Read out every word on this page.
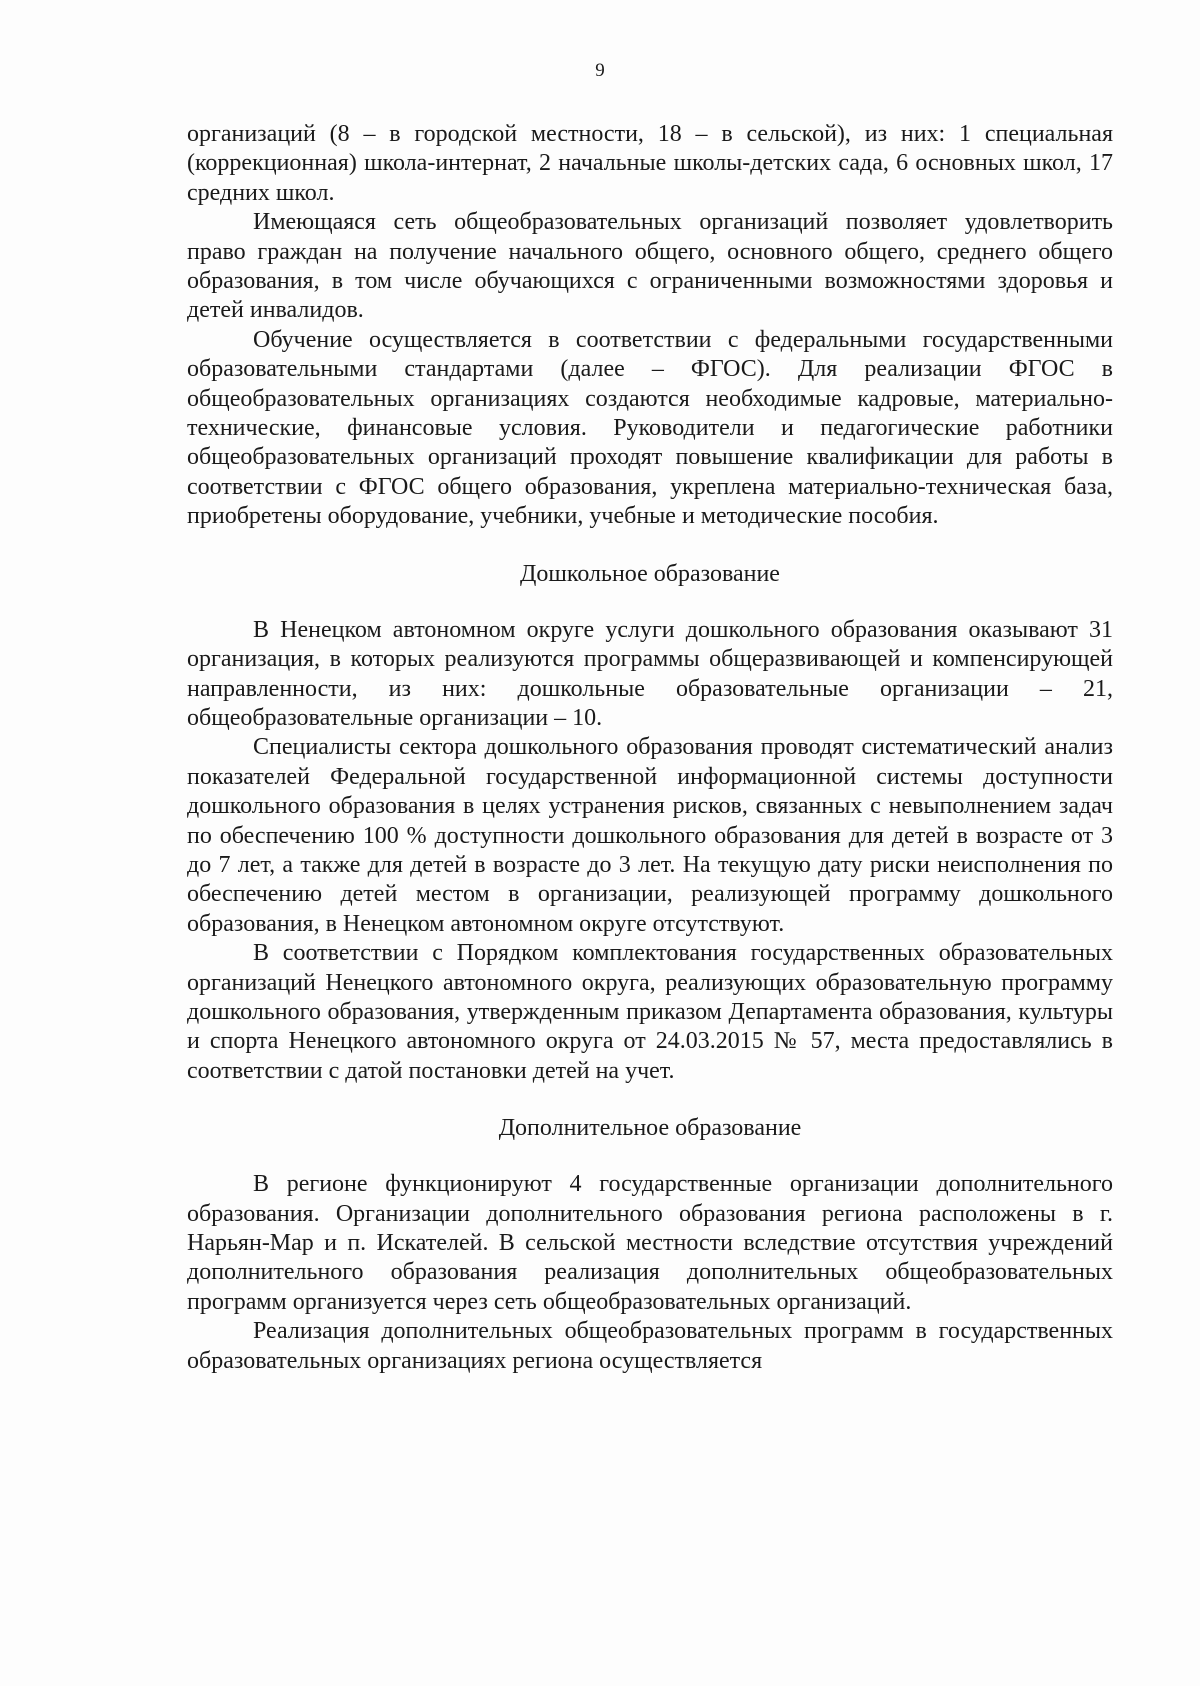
9

организаций (8 – в городской местности, 18 – в сельской), из них: 1 специальная (коррекционная) школа-интернат, 2 начальные школы-детских сада, 6 основных школ, 17 средних школ.

Имеющаяся сеть общеобразовательных организаций позволяет удовлетворить право граждан на получение начального общего, основного общего, среднего общего образования, в том числе обучающихся с ограниченными возможностями здоровья и детей инвалидов.

Обучение осуществляется в соответствии с федеральными государственными образовательными стандартами (далее – ФГОС). Для реализации ФГОС в общеобразовательных организациях создаются необходимые кадровые, материально-технические, финансовые условия. Руководители и педагогические работники общеобразовательных организаций проходят повышение квалификации для работы в соответствии с ФГОС общего образования, укреплена материально-техническая база, приобретены оборудование, учебники, учебные и методические пособия.

Дошкольное образование

В Ненецком автономном округе услуги дошкольного образования оказывают 31 организация, в которых реализуются программы общеразвивающей и компенсирующей направленности, из них: дошкольные образовательные организации – 21, общеобразовательные организации – 10.

Специалисты сектора дошкольного образования проводят систематический анализ показателей Федеральной государственной информационной системы доступности дошкольного образования в целях устранения рисков, связанных с невыполнением задач по обеспечению 100 % доступности дошкольного образования для детей в возрасте от 3 до 7 лет, а также для детей в возрасте до 3 лет. На текущую дату риски неисполнения по обеспечению детей местом в организации, реализующей программу дошкольного образования, в Ненецком автономном округе отсутствуют.

В соответствии с Порядком комплектования государственных образовательных организаций Ненецкого автономного округа, реализующих образовательную программу дошкольного образования, утвержденным приказом Департамента образования, культуры и спорта Ненецкого автономного округа от 24.03.2015 № 57, места предоставлялись в соответствии с датой постановки детей на учет.

Дополнительное образование

В регионе функционируют 4 государственные организации дополнительного образования. Организации дополнительного образования региона расположены в г. Нарьян-Мар и п. Искателей. В сельской местности вследствие отсутствия учреждений дополнительного образования реализация дополнительных общеобразовательных программ организуется через сеть общеобразовательных организаций.

Реализация дополнительных общеобразовательных программ в государственных образовательных организациях региона осуществляется
